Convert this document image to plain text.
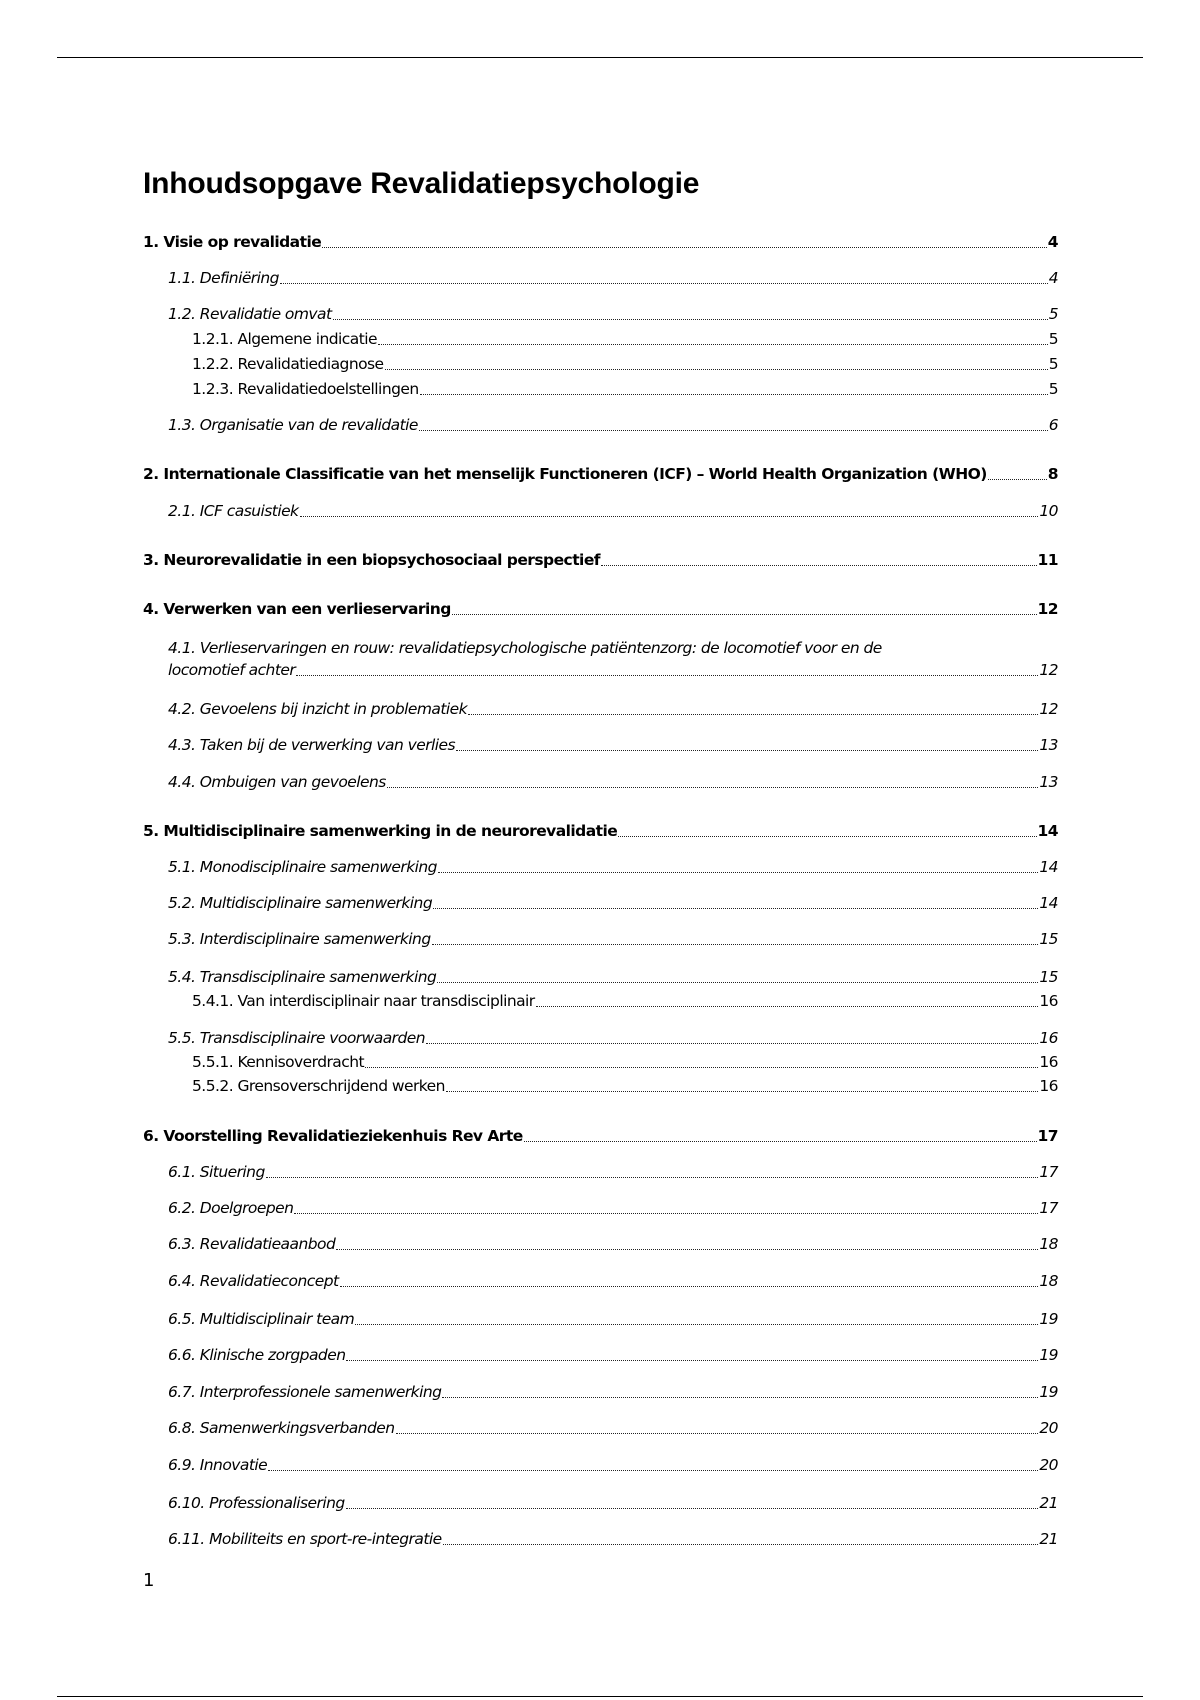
Inhoudsopgave Revalidatiepsychologie
1. Visie op revalidatie	4
1.1. Definiëring	4
1.2. Revalidatie omvat	5
1.2.1. Algemene indicatie	5
1.2.2. Revalidatiediagnose	5
1.2.3. Revalidatiedoelstellingen	5
1.3. Organisatie van de revalidatie	6
2. Internationale Classificatie van het menselijk Functioneren (ICF) – World Health Organization (WHO)	8
2.1. ICF casuistiek	10
3. Neurorevalidatie in een biopsychosociaal perspectief	11
4. Verwerken van een verlieservaring	12
4.1. Verlieservaringen en rouw: revalidatiepsychologische patiëntenzorg: de locomotief voor en de
locomotief achter	12
4.2. Gevoelens bij inzicht in problematiek	12
4.3. Taken bij de verwerking van verlies	13
4.4. Ombuigen van gevoelens	13
5. Multidisciplinaire samenwerking in de neurorevalidatie	14
5.1. Monodisciplinaire samenwerking	14
5.2. Multidisciplinaire samenwerking	14
5.3. Interdisciplinaire samenwerking	15
5.4. Transdisciplinaire samenwerking	15
5.4.1. Van interdisciplinair naar transdisciplinair	16
5.5. Transdisciplinaire voorwaarden	16
5.5.1. Kennisoverdracht	16
5.5.2. Grensoverschrijdend werken	16
6. Voorstelling Revalidatieziekenhuis Rev Arte	17
6.1. Situering	17
6.2. Doelgroepen	17
6.3. Revalidatieaanbod	18
6.4. Revalidatieconcept	18
6.5. Multidisciplinair team	19
6.6. Klinische zorgpaden	19
6.7. Interprofessionele samenwerking	19
6.8. Samenwerkingsverbanden	20
6.9. Innovatie	20
6.10. Professionalisering	21
6.11. Mobiliteits en sport-re-integratie	21
1
